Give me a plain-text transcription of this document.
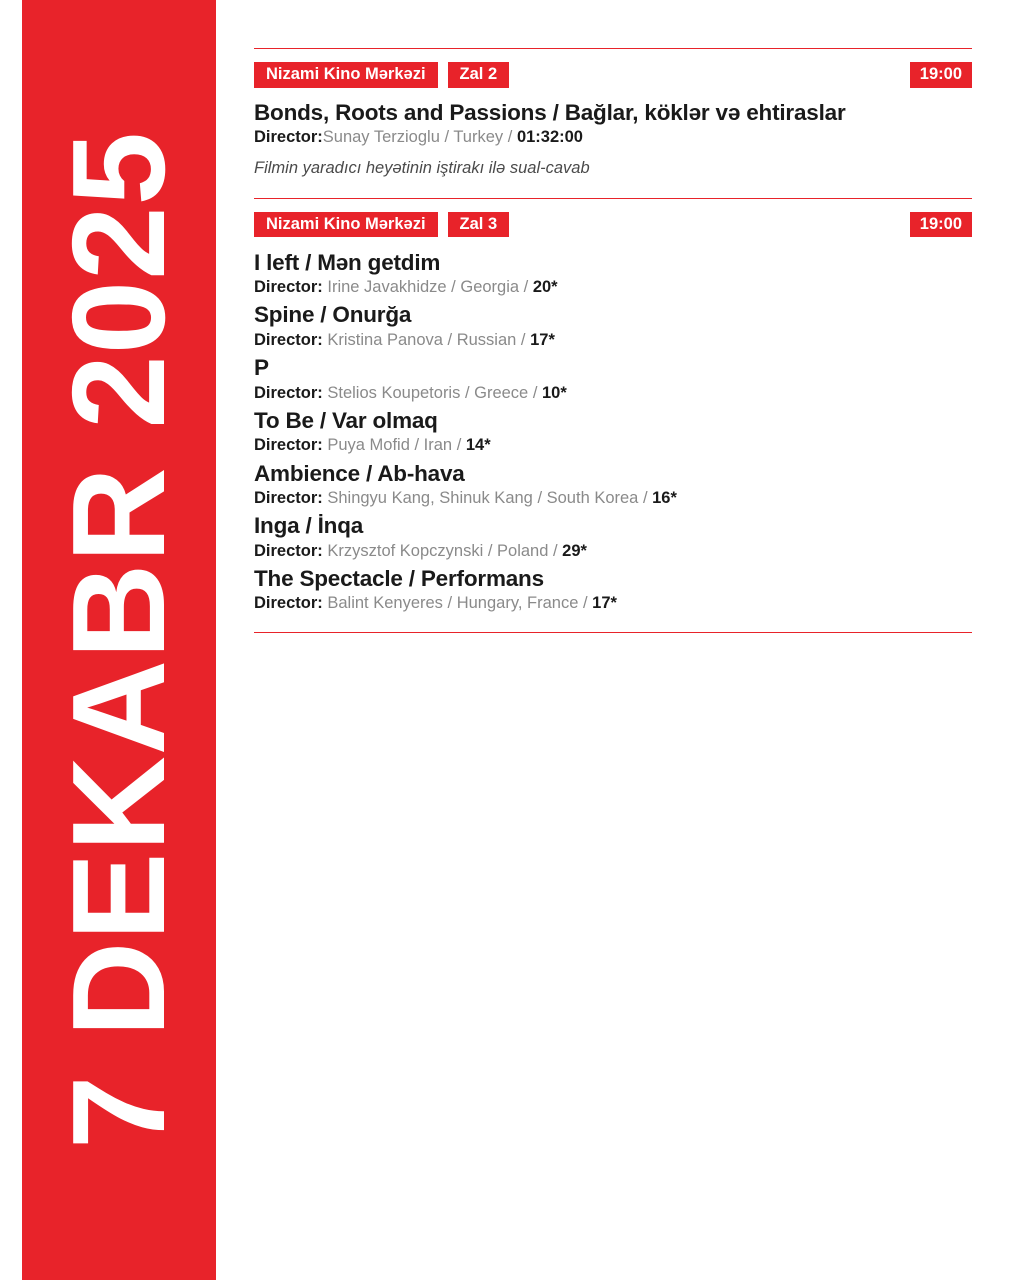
7 DEKABR 2025
Nizami Kino Mərkəzi	Zal 2	19:00
Bonds, Roots and Passions / Bağlar, köklər və ehtiraslar
Director:Sunay Terzioglu / Turkey / 01:32:00
Filmin yaradıcı heyətinin iştirakı ilə sual-cavab
Nizami Kino Mərkəzi	Zal 3	19:00
I left / Mən getdim
Director: Irine Javakhidze / Georgia / 20*
Spine / Onurğa
Director: Kristina Panova / Russian / 17*
P
Director: Stelios Koupetoris / Greece / 10*
To Be / Var olmaq
Director: Puya Mofid / Iran / 14*
Ambience / Ab-hava
Director: Shingyu Kang, Shinuk Kang / South Korea / 16*
Inga / İnqa
Director: Krzysztof Kopczynski / Poland / 29*
The Spectacle / Performans
Director: Balint Kenyeres / Hungary, France / 17*
